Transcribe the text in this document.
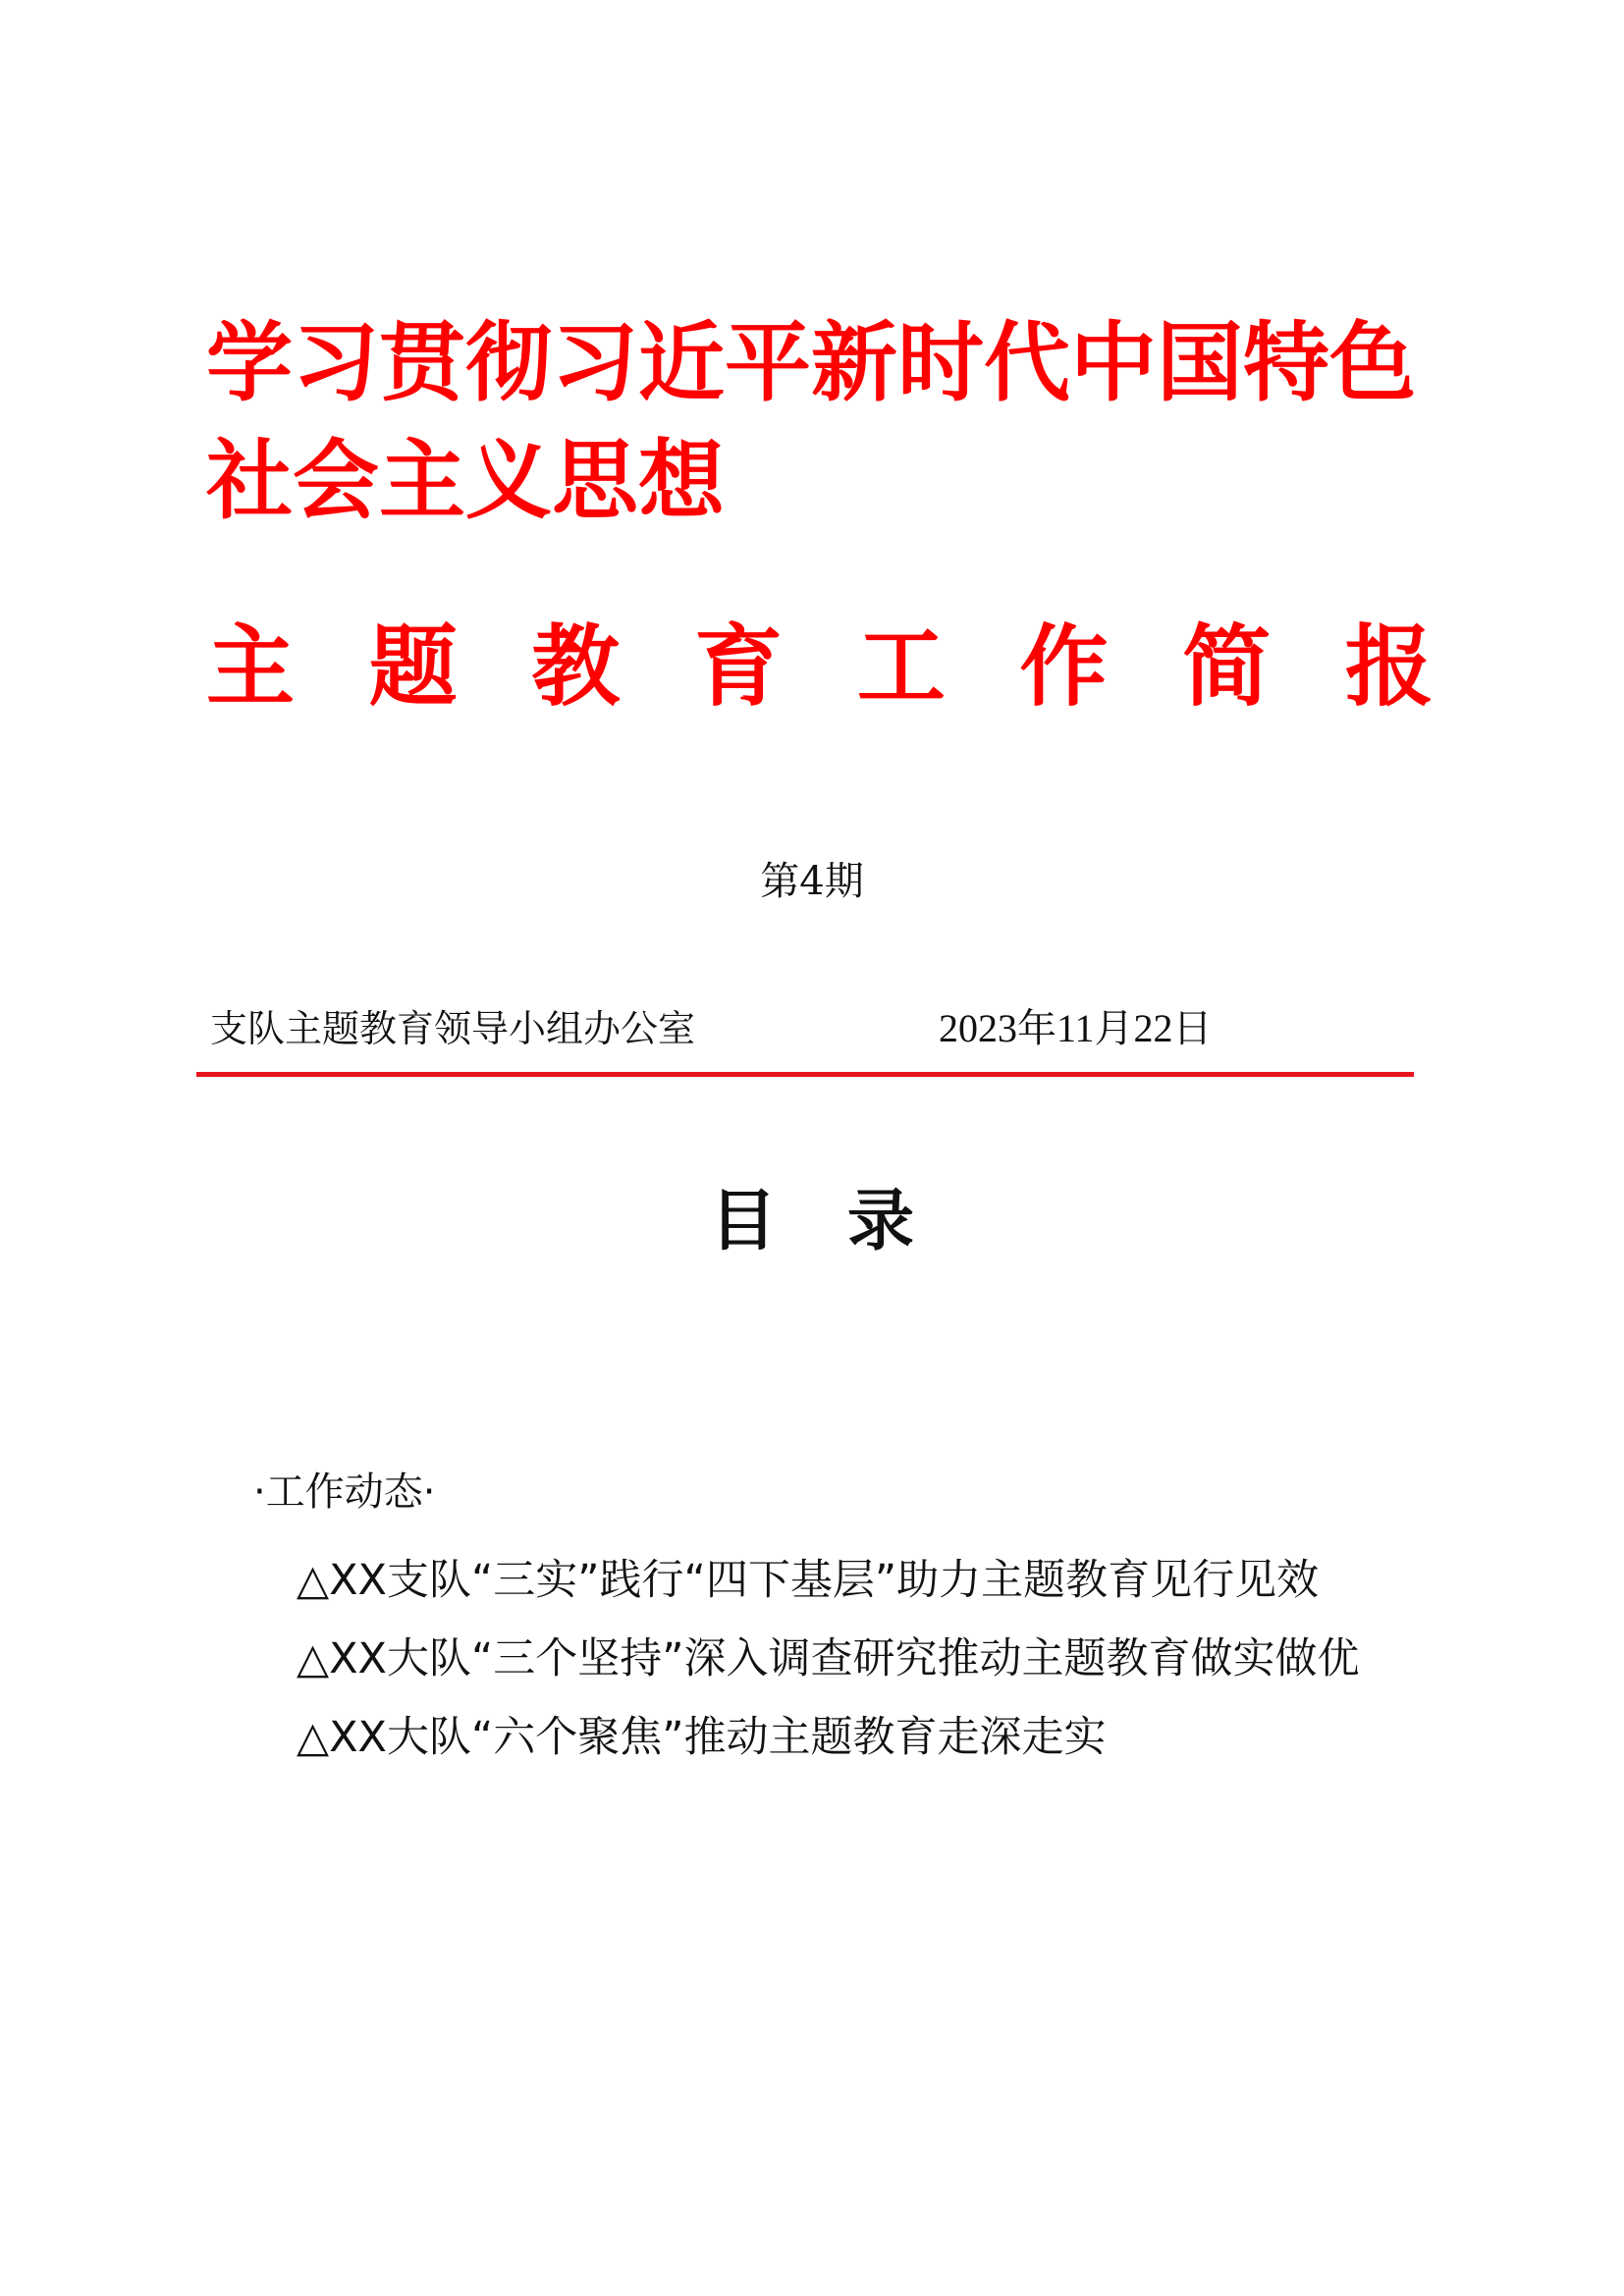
学习贯彻习近平新时代中国特色社会主义思想
主 题 教 育 工 作 简 报
第4期
支队主题教育领导小组办公室	2023年11月22日
目录
·工作动态·
△XX支队“三实”践行“四下基层”助力主题教育见行见效
△XX大队“三个坚持”深入调查研究推动主题教育做实做优
△XX大队“六个聚焦”推动主题教育走深走实
